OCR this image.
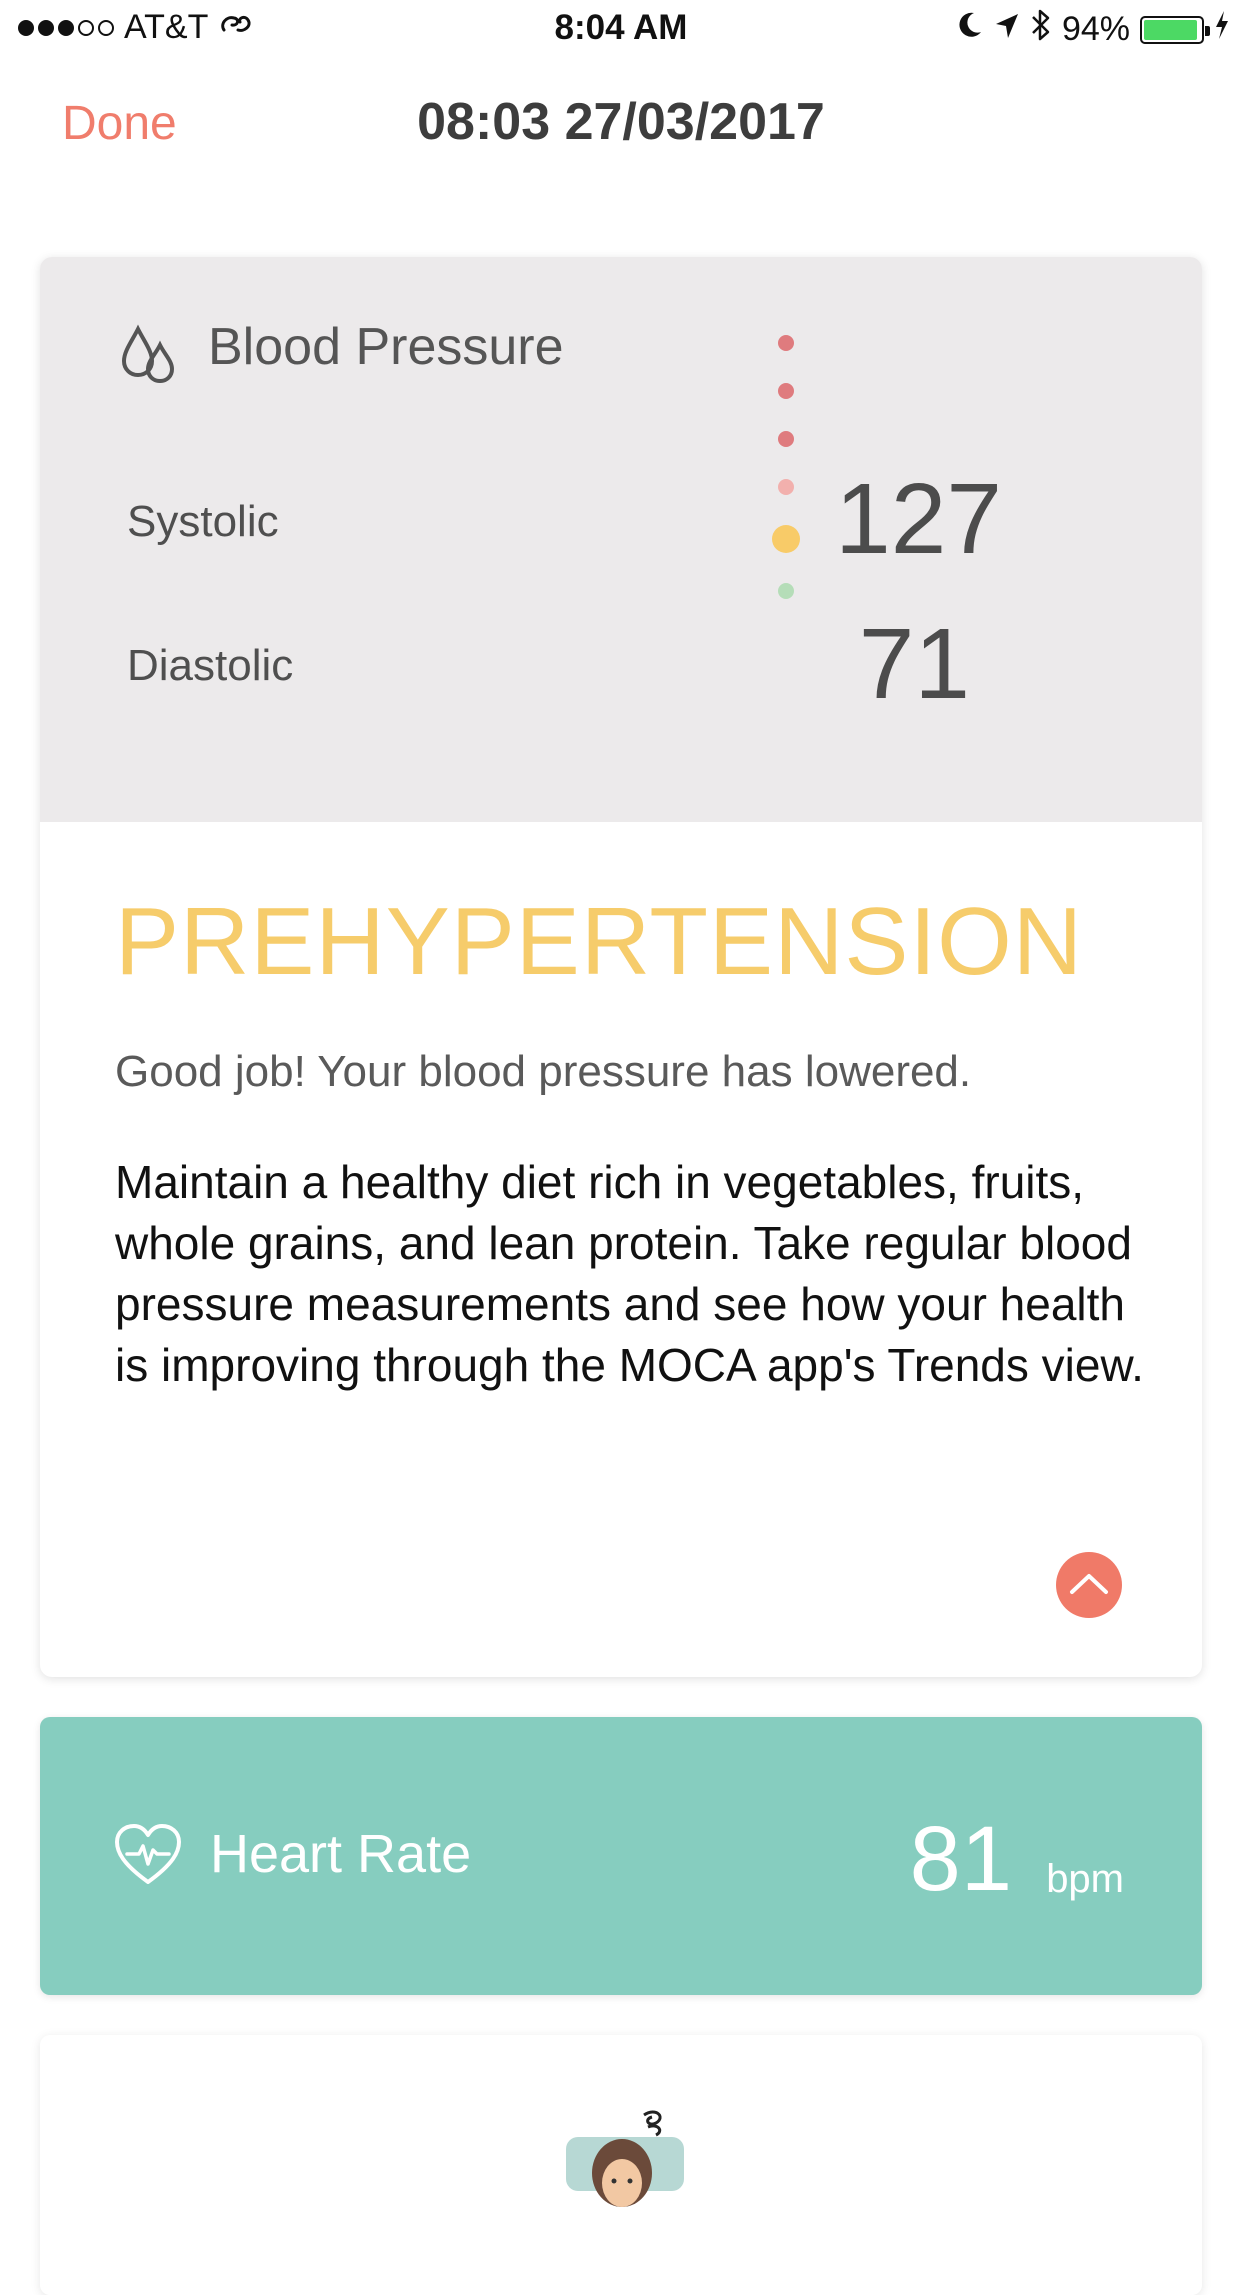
AT&T	8:04 AM	94%
Done	08:03 27/03/2017
Blood Pressure
Systolic	127
Diastolic	71
PREHYPERTENSION
Good job! Your blood pressure has lowered.
Maintain a healthy diet rich in vegetables, fruits, whole grains, and lean protein. Take regular blood pressure measurements and see how your health is improving through the MOCA app's Trends view.
Heart Rate	81 bpm
